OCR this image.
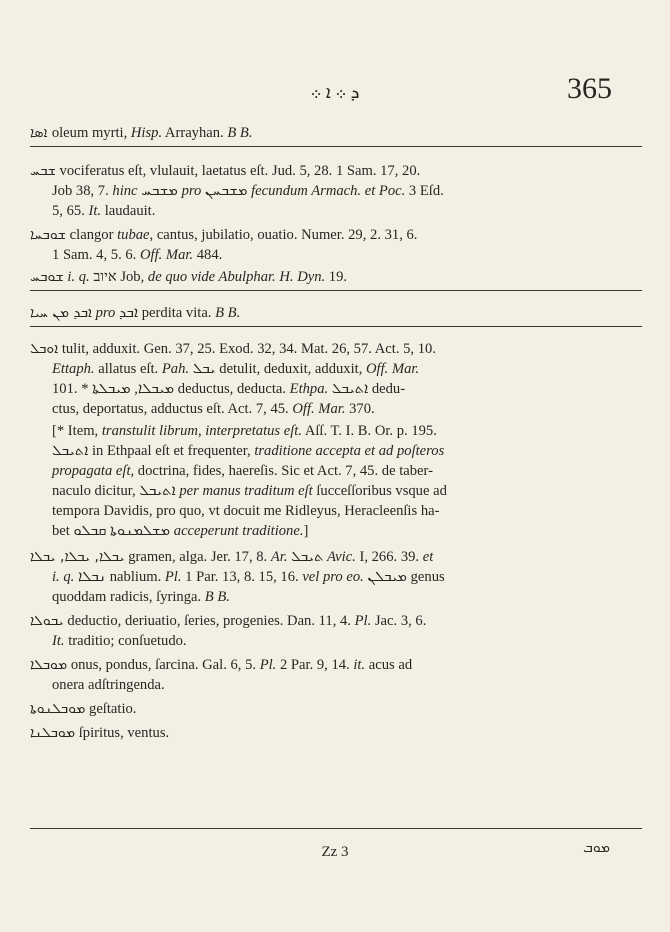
ܕ ܀ ܐ ܀	365
ܐܣܐ oleum myrti, Hisp. Arrayhan. B B.
ܫܒܚ vociferatus eſt, vlulauit, laetatus eſt. Jud. 5, 28. 1 Sam. 17, 20.
Job 38, 7. hinc ܡܫܒܚ pro ܡܫܒܚܢ fecundum Armach. et Poc. 3 Eſd.
5, 65. It. laudauit.
ܫܘܒܚܐ clangor tubae, cantus, jubilatio, ouatio. Numer. 29, 2. 31, 6.
1 Sam. 4, 5. 6. Off. Mar. 484.
ܫܘܒܚ i. q. איוב Job, de quo vide Abulphar. H. Dyn. 19.
ܐܒܕ ܡܢ ܚܝܐ pro ܐܒܕ perdita vita. B B.
ܐܘܒܠ tulit, adduxit. Gen. 37, 25. Exod. 32, 34. Mat. 26, 57. Act. 5, 10.
Ettaph. allatus eſt. Pah. ܝܒܠ detulit, deduxit, adduxit, Off. Mar.
101. * ܡܝܒܠܐ, ܡܝܒܠܬܐ deductus, deducta. Ethpa. ܐܬܝܒܠ dedu-
ctus, deportatus, adductus eſt. Act. 7, 45. Off. Mar. 370.
[* Item, transtulit librum, interpretatus eſt. Aſſ. T. I. B. Or. p. 195.
ܐܬܝܒܠ in Ethpaal eſt et frequenter, traditione accepta et ad poſteros
propagata eſt, doctrina, fides, haereſis. Sic et Act. 7, 45. de taber-
naculo dicitur, ܐܬܝܒܠ per manus traditum eſt ſucceſſoribus vsque ad
tempora Davidis, pro quo, vt docuit me Ridleyus, Heracleenſis ha-
bet ܡܫܠܡܢܘܬܐ ܩܒܠܘ acceperunt traditione.]
ܝܒܠܐ, ܝܒܠܐ, ܝܒܠܐ gramen, alga. Jer. 17, 8. Ar. ܬܝܒܠ Avic. I, 266. 39. et
i. q. ܢܒܠܐ nablium. Pl. 1 Par. 13, 8. 15, 16. vel pro eo. ܡܝܒܠܢ genus
quoddam radicis, ſyringa. B B.
ܝܒܘܠܐ deductio, deriuatio, ſeries, progenies. Dan. 11, 4. Pl. Jac. 3, 6.
It. traditio; conſuetudo.
ܡܘܒܠܐ onus, pondus, ſarcina. Gal. 6, 5. Pl. 2 Par. 9, 14. it. acus ad
onera adſtringenda.
ܡܘܒܠܢܘܬܐ geſtatio.
ܡܘܒܠܢܐ ſpiritus, ventus.
Zz 3	ܡܘܒ
